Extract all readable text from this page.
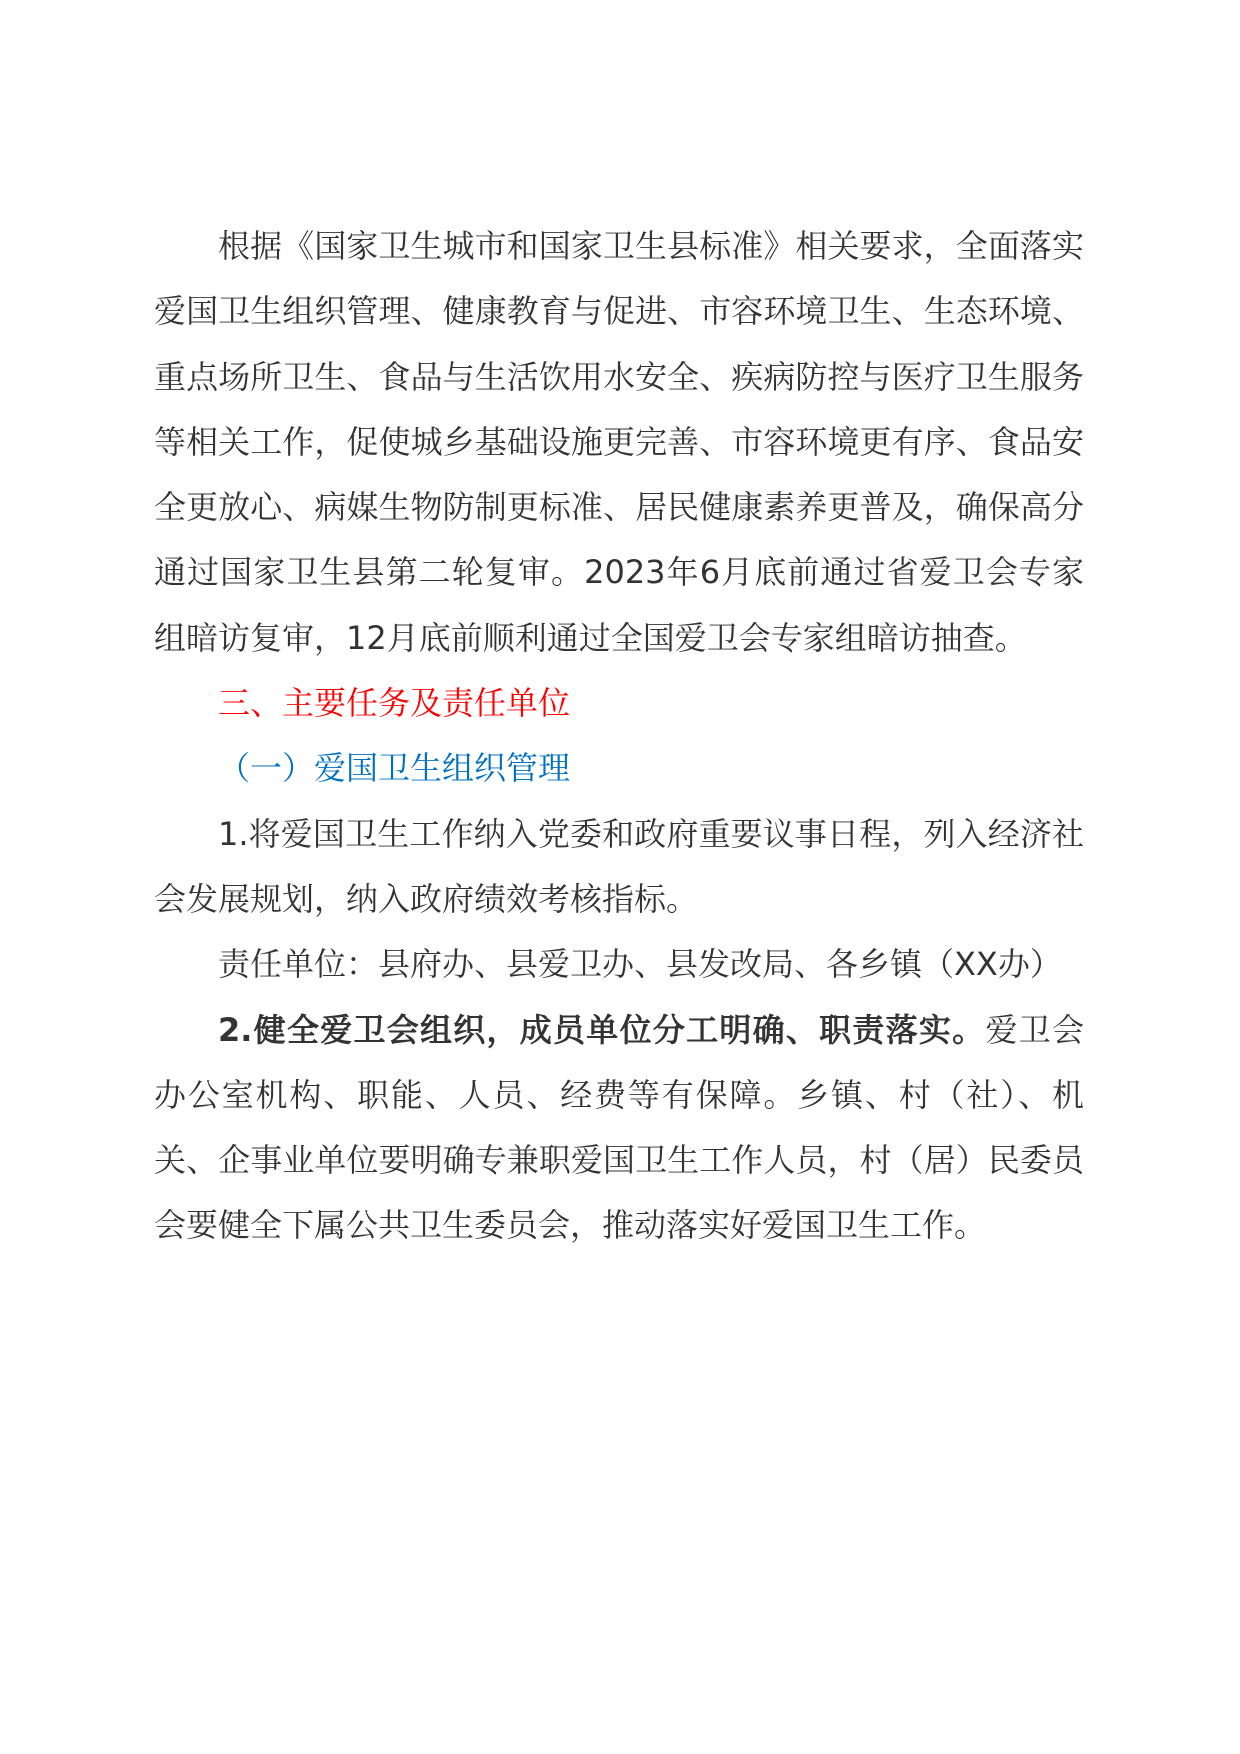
根据《国家卫生城市和国家卫生县标准》相关要求，全面落实爱国卫生组织管理、健康教育与促进、市容环境卫生、生态环境、重点场所卫生、食品与生活饮用水安全、疾病防控与医疗卫生服务等相关工作，促使城乡基础设施更完善、市容环境更有序、食品安全更放心、病媒生物防制更标准、居民健康素养更普及，确保高分通过国家卫生县第二轮复审。2023年6月底前通过省爱卫会专家组暗访复审，12月底前顺利通过全国爱卫会专家组暗访抽查。

三、主要任务及责任单位

（一）爱国卫生组织管理

1.将爱国卫生工作纳入党委和政府重要议事日程，列入经济社会发展规划，纳入政府绩效考核指标。

责任单位：县府办、县爱卫办、县发改局、各乡镇（XX办）

2.健全爱卫会组织，成员单位分工明确、职责落实。爱卫会办公室机构、职能、人员、经费等有保障。乡镇、村（社）、机关、企事业单位要明确专兼职爱国卫生工作人员，村（居）民委员会要健全下属公共卫生委员会，推动落实好爱国卫生工作。
